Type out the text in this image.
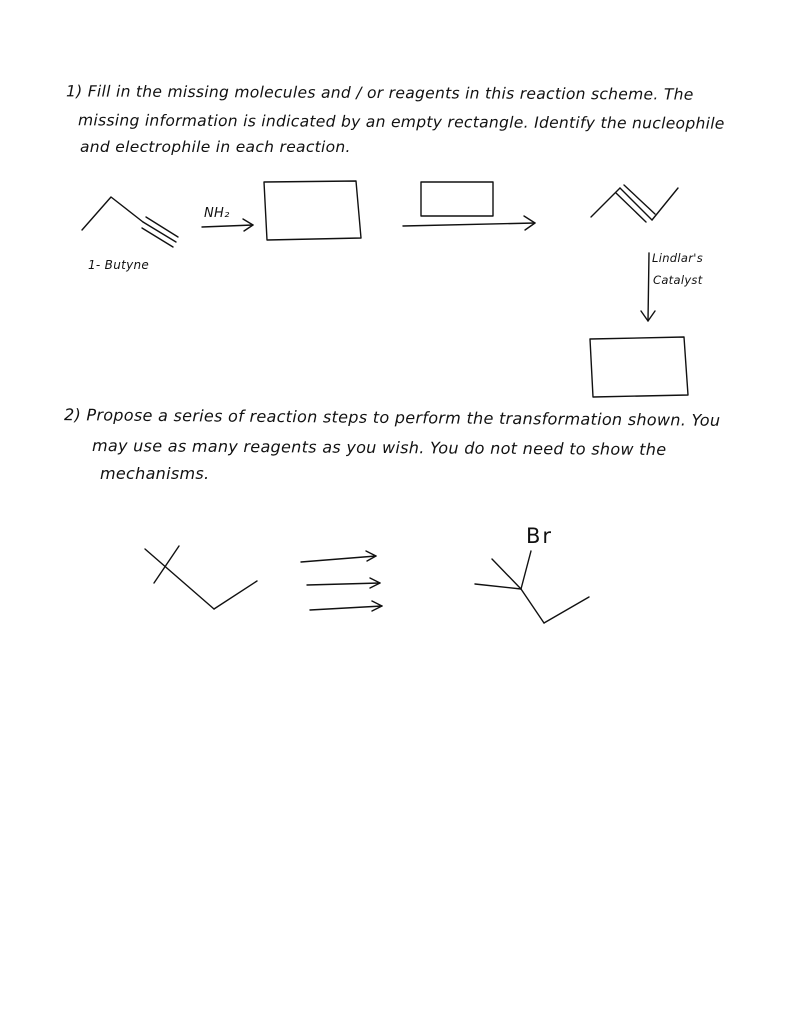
1) Fill in the missing molecules and / or reagents in this reaction scheme. The
missing information is indicated by an empty rectangle. Identify the nucleophile
and electrophile in each reaction.
1- Butyne
NH₂
Lindlar's
Catalyst
2) Propose a series of reaction steps to perform the transformation shown. You
may use as many reagents as you wish. You do not need to show the
mechanisms.
Br
